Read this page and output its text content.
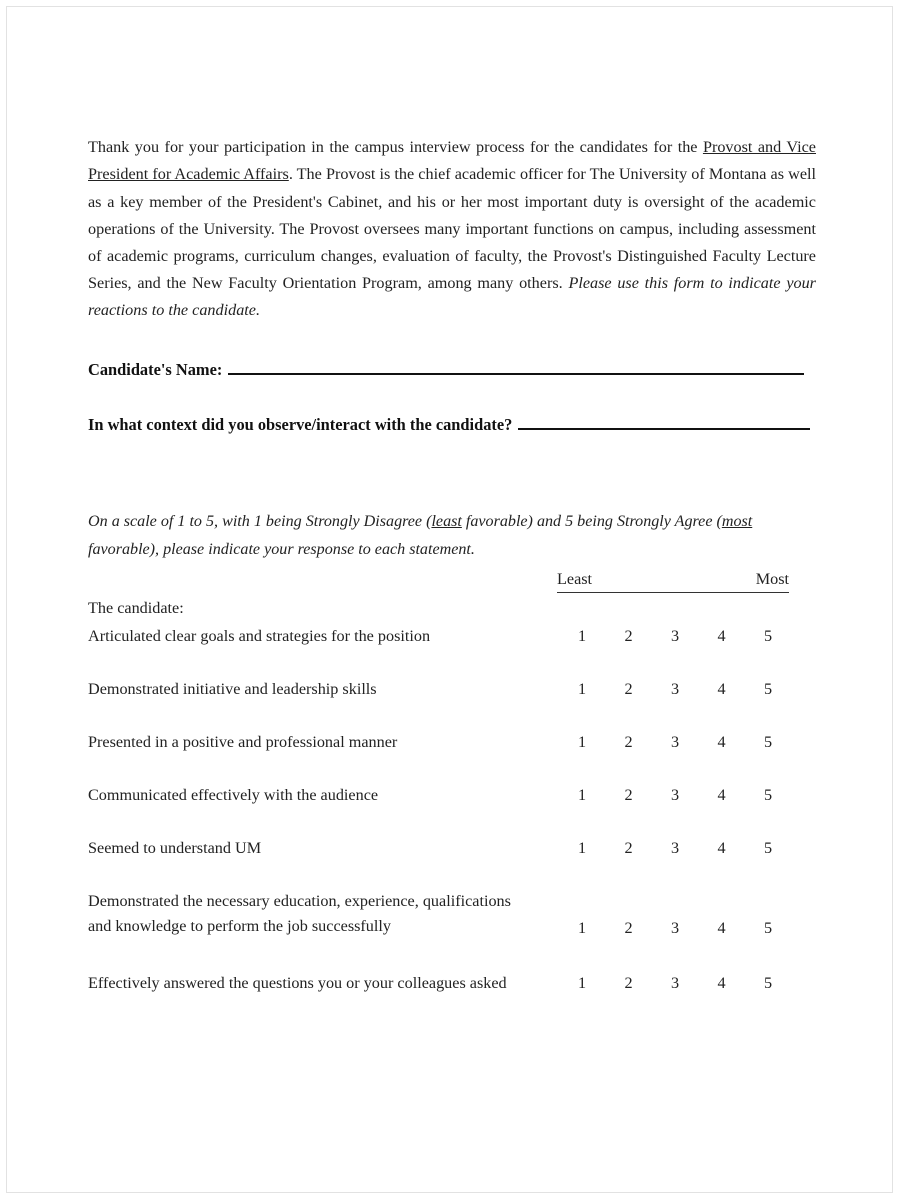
Thank you for your participation in the campus interview process for the candidates for the Provost and Vice President for Academic Affairs. The Provost is the chief academic officer for The University of Montana as well as a key member of the President's Cabinet, and his or her most important duty is oversight of the academic operations of the University. The Provost oversees many important functions on campus, including assessment of academic programs, curriculum changes, evaluation of faculty, the Provost's Distinguished Faculty Lecture Series, and the New Faculty Orientation Program, among many others. Please use this form to indicate your reactions to the candidate.

Candidate's Name:
In what context did you observe/interact with the candidate?

On a scale of 1 to 5, with 1 being Strongly Disagree (least favorable) and 5 being Strongly Agree (most favorable), please indicate your response to each statement.

Least	Most
The candidate:
Articulated clear goals and strategies for the position	1 2 3 4 5
Demonstrated initiative and leadership skills	1 2 3 4 5
Presented in a positive and professional manner	1 2 3 4 5
Communicated effectively with the audience	1 2 3 4 5
Seemed to understand UM	1 2 3 4 5
Demonstrated the necessary education, experience, qualifications
and knowledge to perform the job successfully	1 2 3 4 5
Effectively answered the questions you or your colleagues asked	1 2 3 4 5
